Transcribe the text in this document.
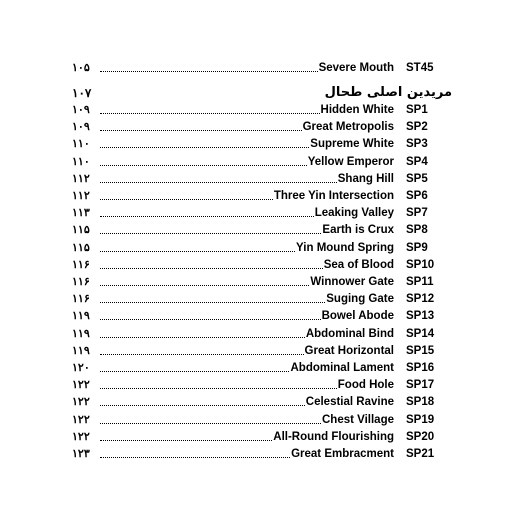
۱۰۵	Severe Mouth	ST45
۱۰۷	مریدین اصلی طحال
۱۰۹	Hidden White	SP1
۱۰۹	Great Metropolis	SP2
۱۱۰	Supreme White	SP3
۱۱۰	Yellow Emperor	SP4
۱۱۲	Shang Hill	SP5
۱۱۲	Three Yin Intersection	SP6
۱۱۳	Leaking Valley	SP7
۱۱۵	Earth is Crux	SP8
۱۱۵	Yin Mound Spring	SP9
۱۱۶	Sea of Blood	SP10
۱۱۶	Winnower Gate	SP11
۱۱۶	Suging Gate	SP12
۱۱۹	Bowel Abode	SP13
۱۱۹	Abdominal Bind	SP14
۱۱۹	Great Horizontal	SP15
۱۲۰	Abdominal Lament	SP16
۱۲۲	Food Hole	SP17
۱۲۲	Celestial Ravine	SP18
۱۲۲	Chest Village	SP19
۱۲۲	All-Round Flourishing	SP20
۱۲۳	Great Embracment	SP21
